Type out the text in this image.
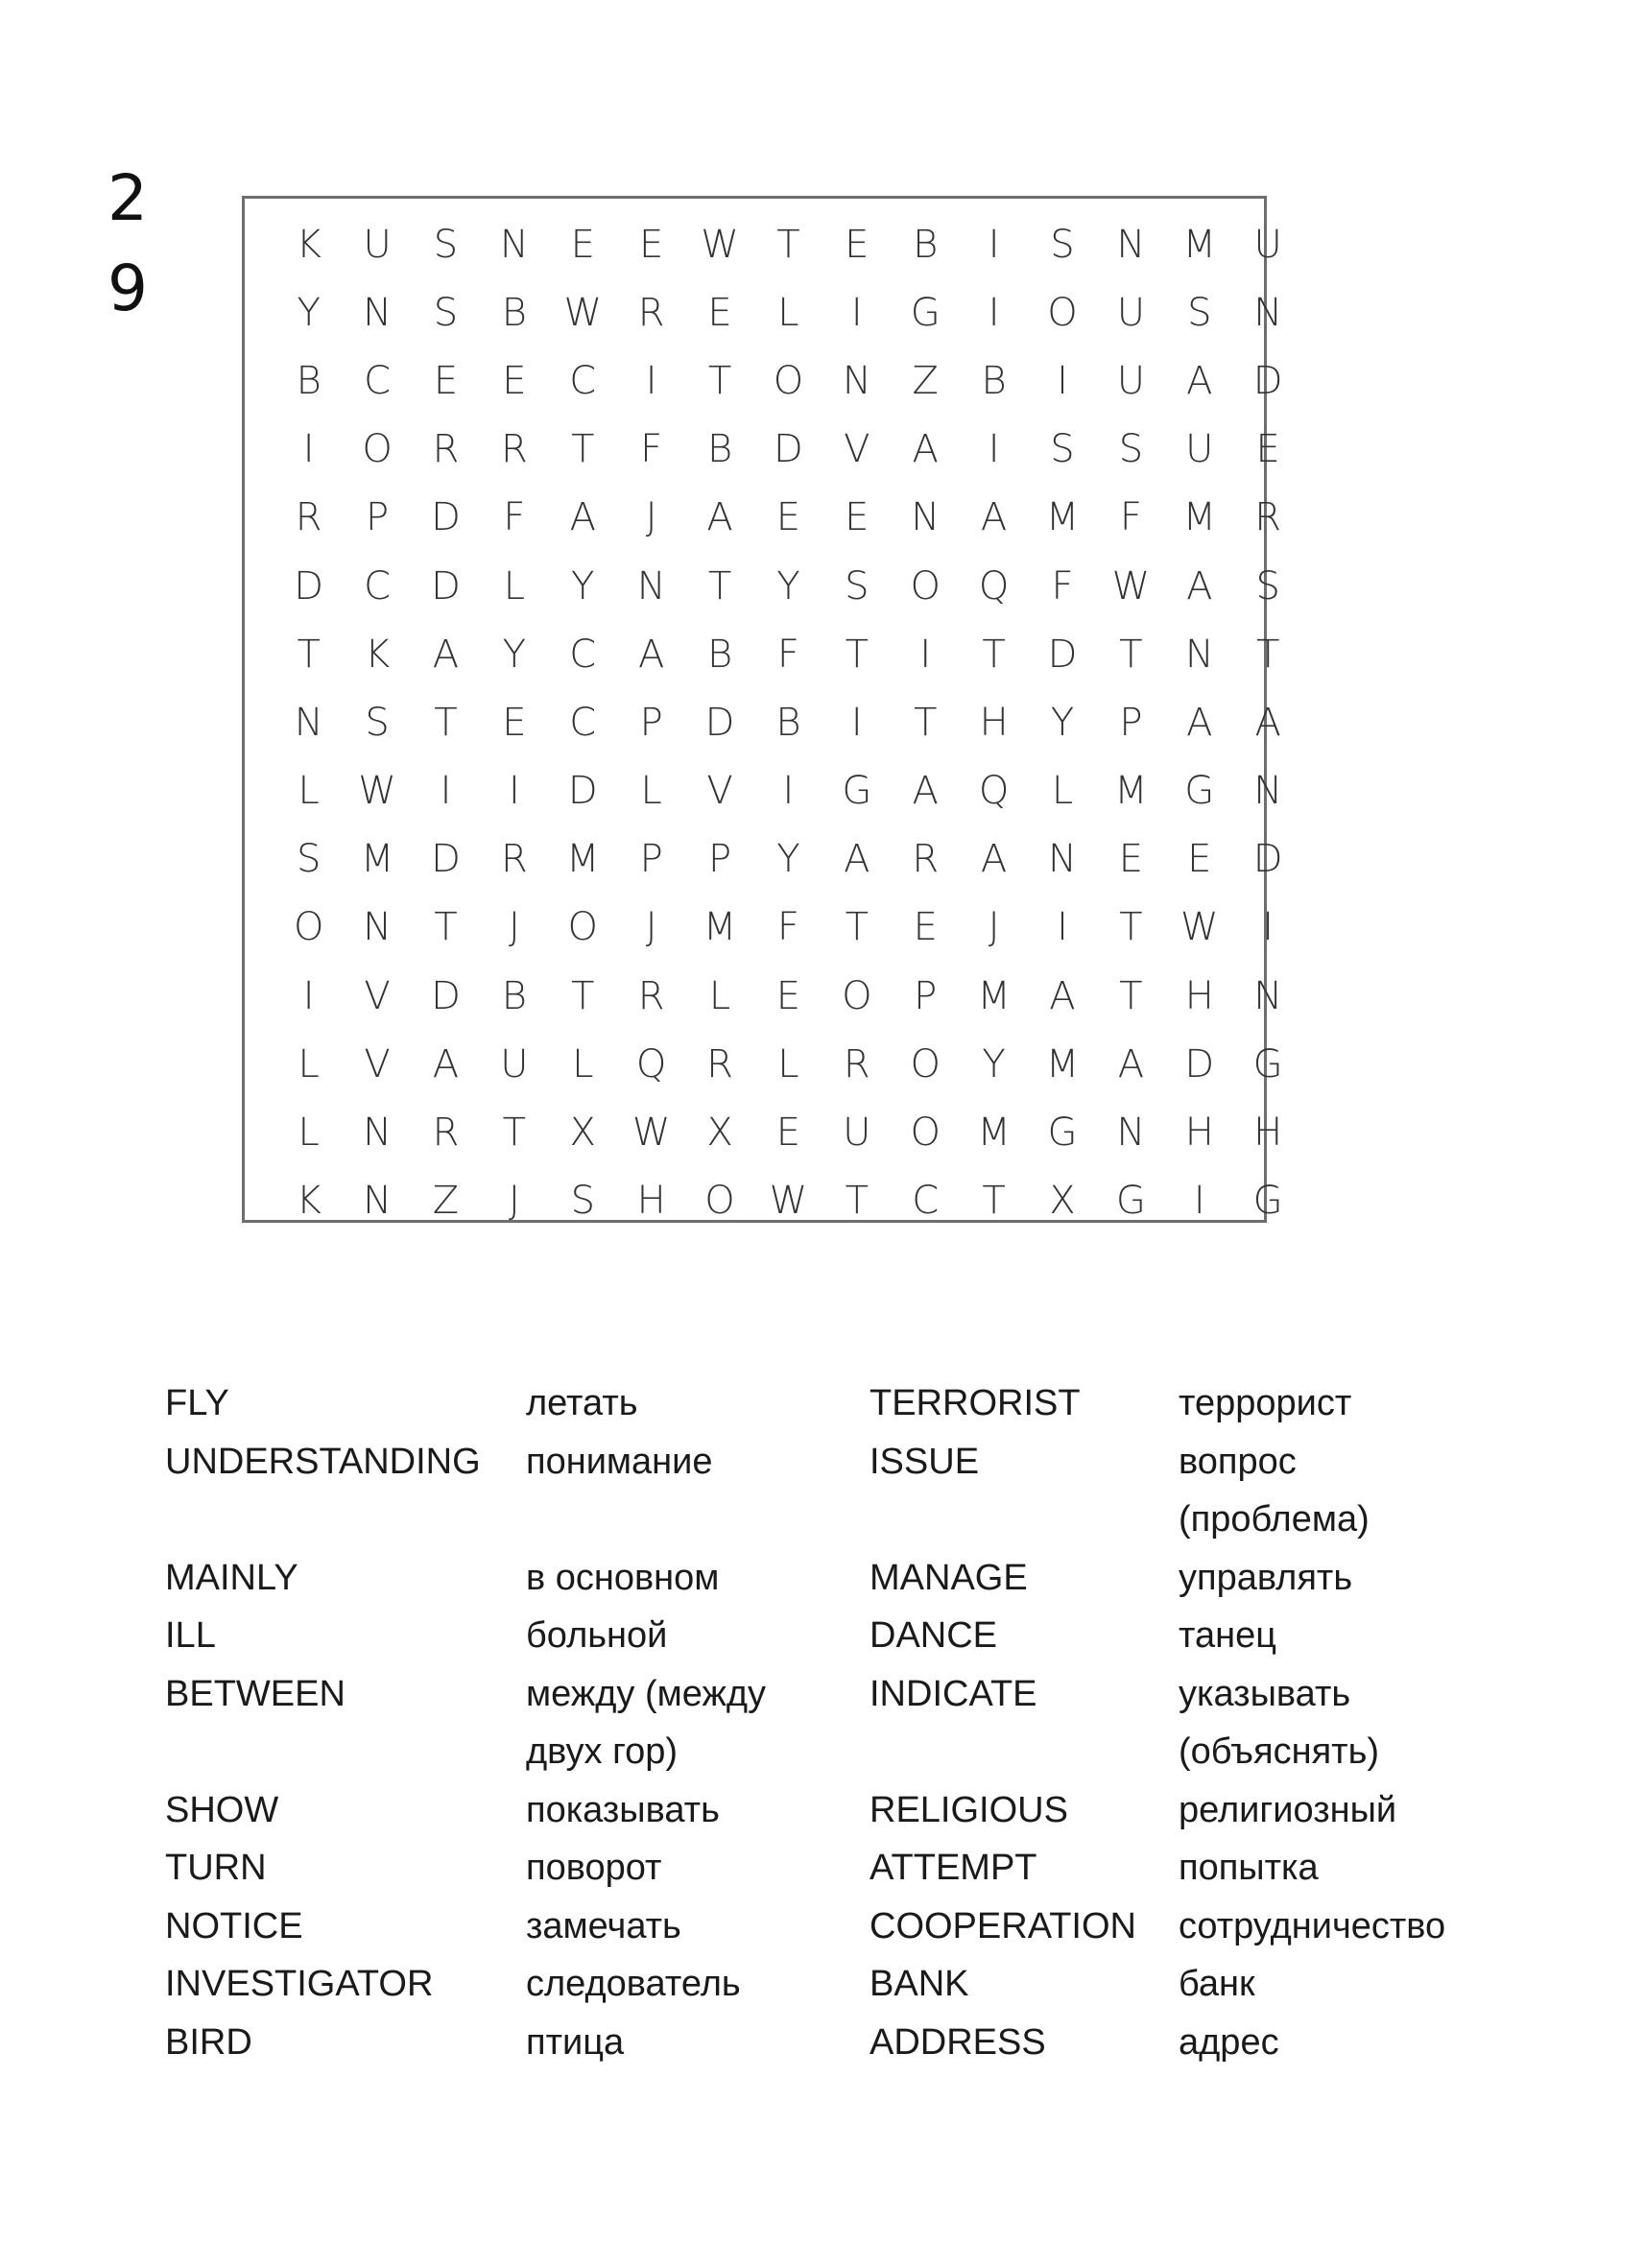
2
9
K	U	S	N	E	E W T	E	B	I	S	N M U
Y	N	S	B W R	E	L	I	G	I	O	U	S	N
B	C	E	E	C	I	T	O	N	Z	B	I	U	A	D
I	O	R	R	T	F	B	D	V	A	I	S	S	U	E
R	P	D	F	A	J	A	E	E	N	A	M	F	M	R
D	C	D	L	Y	N	T	Y	S	O Q	F	W A	S
T	K	A	Y	C	A	B	F	T	I	T	D	T	N	T
N	S	T	E	C	P	D	B	I	T	H	Y	P	A	A
L	W	I	I	D	L	V	I	G	A	Q	L	M G	N
S	M D	R	M	P	P	Y	A	R	A	N	E	E	D
O	N	T	J	O	J	M	F	T	E	J	I	T W	I
I	V	D	B	T	R	L	E	O	P	M	A	T	H	N
L	V	A	U	L	Q	R	L	R	O	Y	M	A	D	G
L	N	R	T	X W X	E	U	O M G	N	H	H
K	N	Z	J	S	H	O W T	C	T	X	G	I	G
FLY	летать	TERRORIST	террорист
UNDERSTANDING	понимание	ISSUE	вопрос
(проблема)
MAINLY	в основном	MANAGE	управлять
ILL	больной	DANCE	танец
BETWEEN	между (между	INDICATE	указывать
двух гор)	(объяснять)
SHOW	показывать	RELIGIOUS	религиозный
TURN	поворот	ATTEMPT	попытка
NOTICE	замечать	COOPERATION	сотрудничество
INVESTIGATOR	следователь	BANK	банк
BIRD	птица	ADDRESS	адрес
